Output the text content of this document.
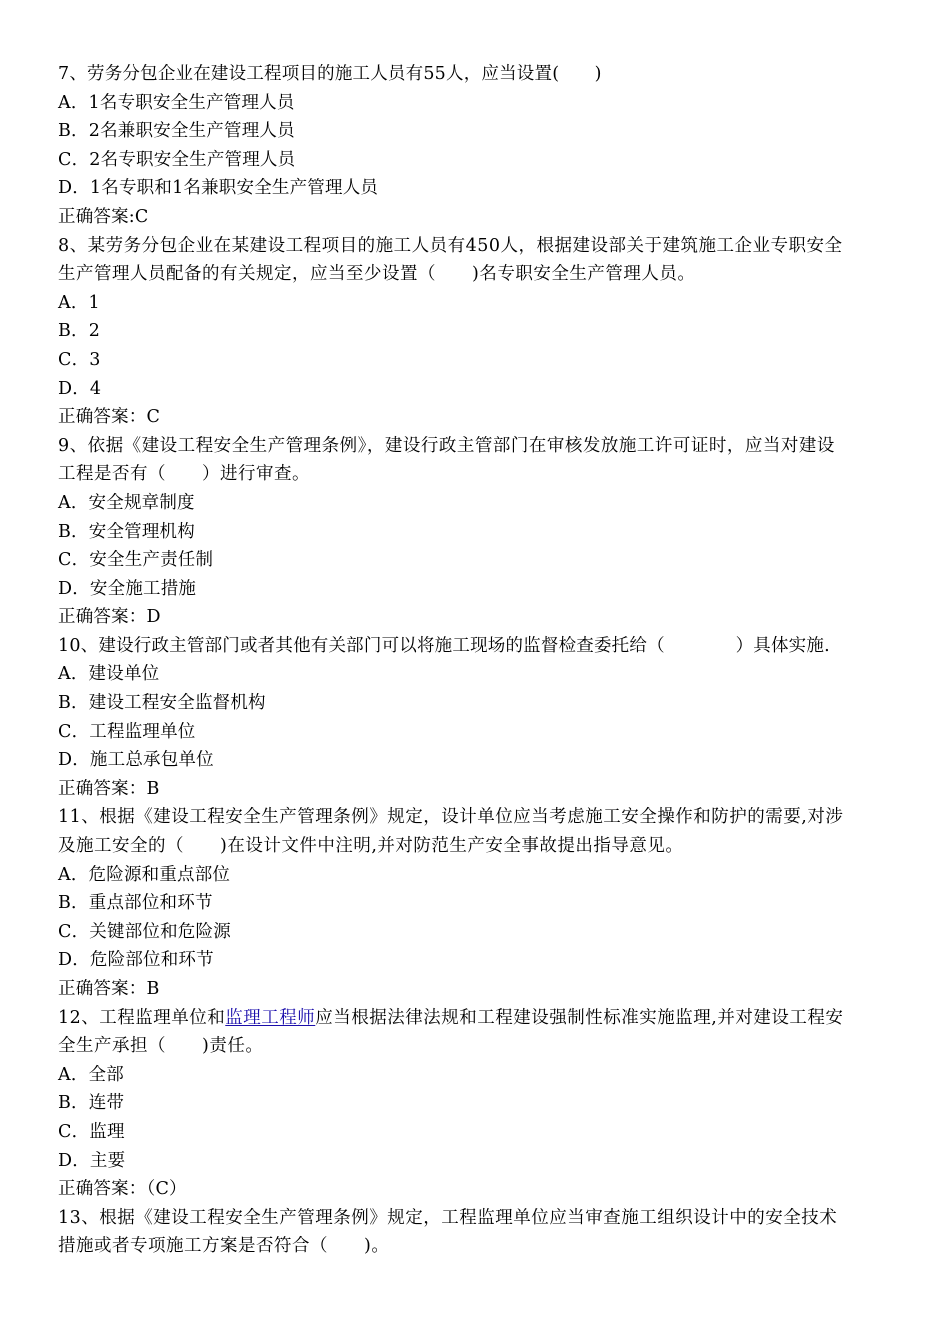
7、劳务分包企业在建设工程项目的施工人员有55人，应当设置(　　)
A．1名专职安全生产管理人员
B．2名兼职安全生产管理人员
C．2名专职安全生产管理人员
D．1名专职和1名兼职安全生产管理人员
正确答案:C
8、某劳务分包企业在某建设工程项目的施工人员有450人，根据建设部关于建筑施工企业专职安全
生产管理人员配备的有关规定，应当至少设置（　　)名专职安全生产管理人员。
A．1
B．2
C．3
D．4
正确答案：C
9、依据《建设工程安全生产管理条例》，建设行政主管部门在审核发放施工许可证时，应当对建设
工程是否有（　　）进行审查。
A．安全规章制度
B．安全管理机构
C．安全生产责任制
D．安全施工措施
正确答案：D
10、建设行政主管部门或者其他有关部门可以将施工现场的监督检查委托给（　　　　）具体实施.
A．建设单位
B．建设工程安全监督机构
C．工程监理单位
D．施工总承包单位
正确答案：B
11、根据《建设工程安全生产管理条例》规定，设计单位应当考虑施工安全操作和防护的需要,对涉
及施工安全的（　　)在设计文件中注明,并对防范生产安全事故提出指导意见。
A．危险源和重点部位
B．重点部位和环节
C．关键部位和危险源
D．危险部位和环节
正确答案：B
12、工程监理单位和监理工程师应当根据法律法规和工程建设强制性标准实施监理,并对建设工程安
全生产承担（　　)责任。
A．全部
B．连带
C．监理
D．主要
正确答案：（C）
13、根据《建设工程安全生产管理条例》规定，工程监理单位应当审查施工组织设计中的安全技术
措施或者专项施工方案是否符合（　　)。
